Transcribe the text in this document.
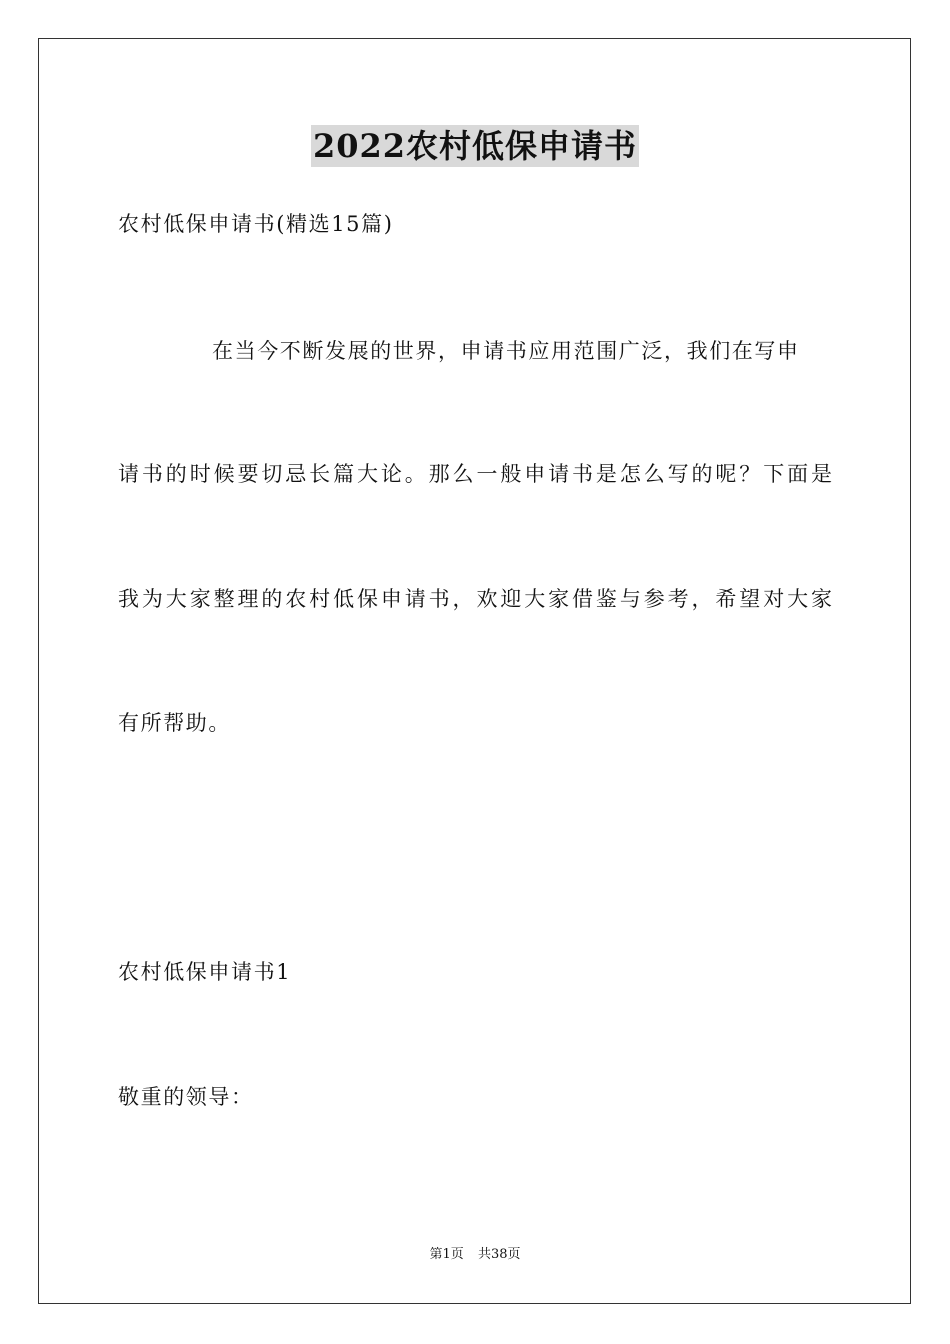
2022农村低保申请书
农村低保申请书(精选15篇)
在当今不断发展的世界，申请书应用范围广泛，我们在写申
请书的时候要切忌长篇大论。那么一般申请书是怎么写的呢？下面是
我为大家整理的农村低保申请书，欢迎大家借鉴与参考，希望对大家
有所帮助。
农村低保申请书1
敬重的领导：
第1页 共38页
